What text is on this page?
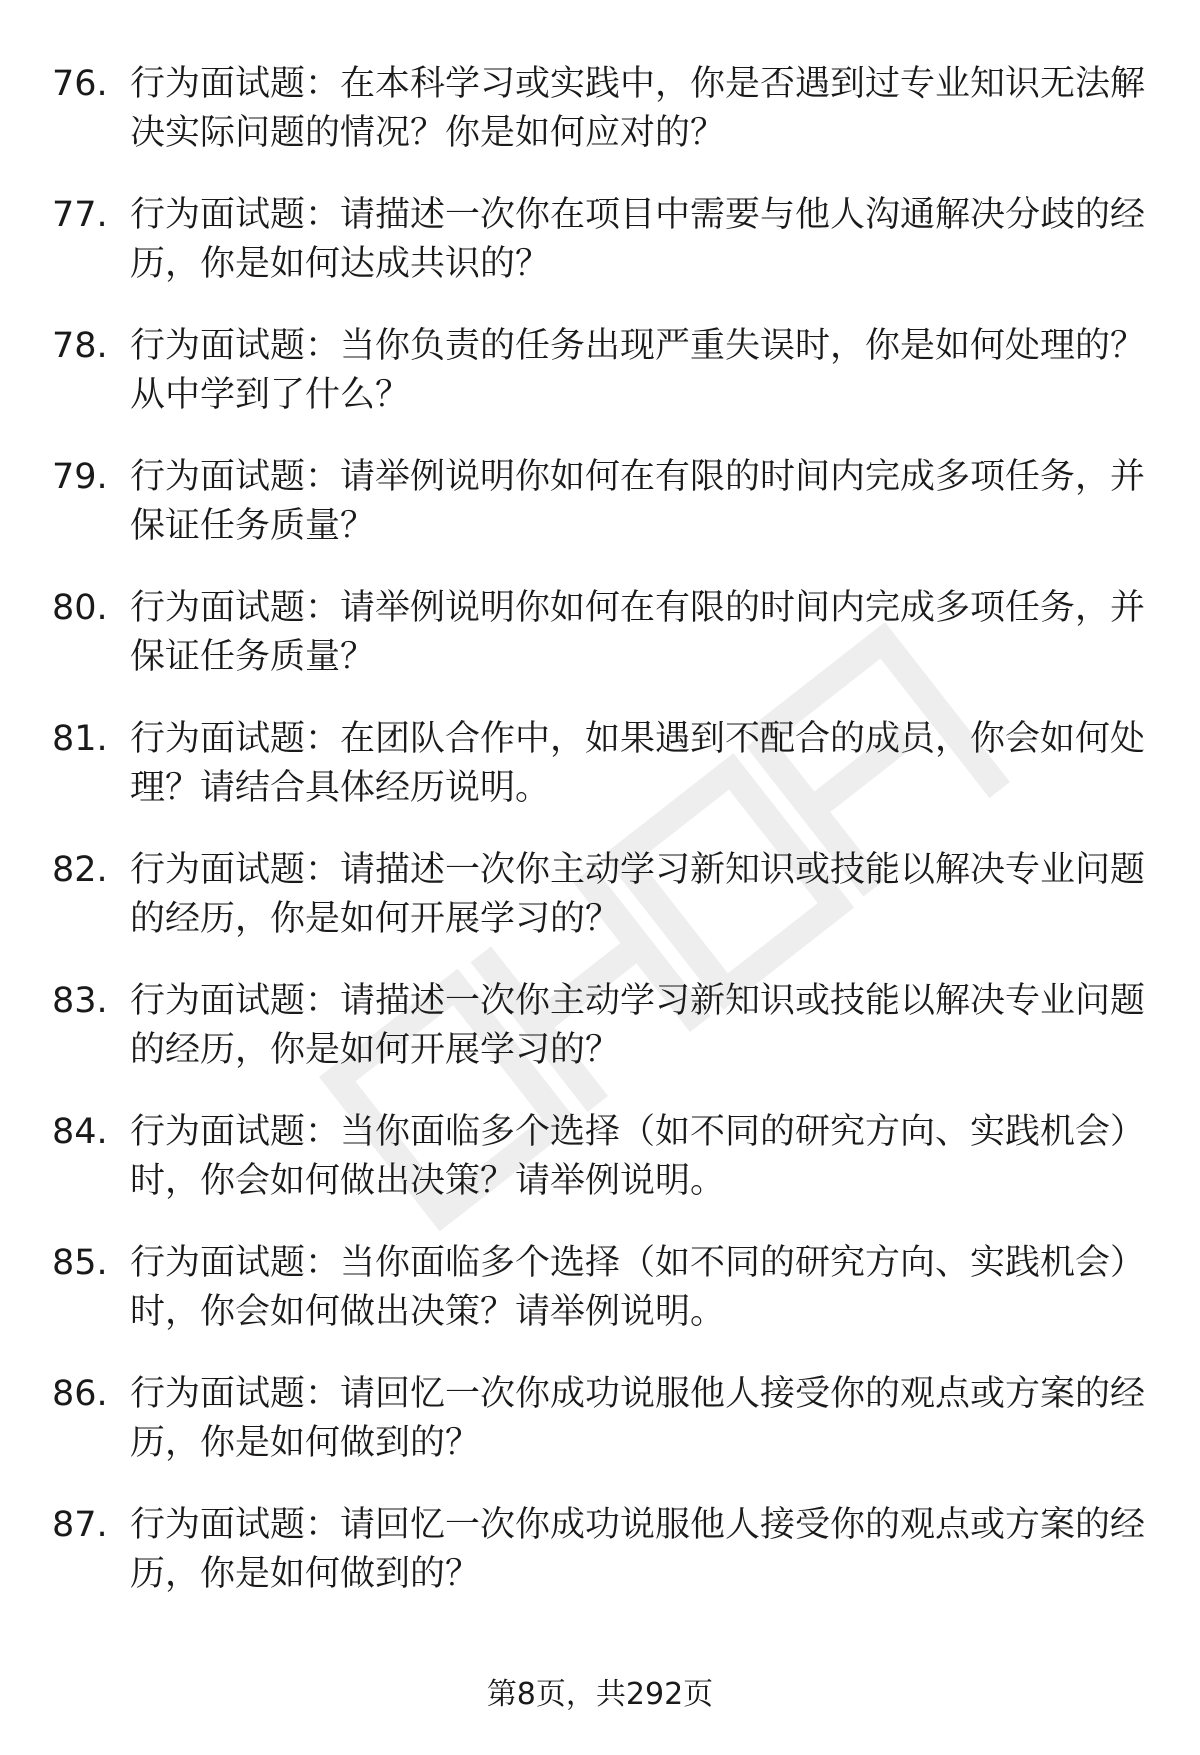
76. 行为面试题：在本科学习或实践中，你是否遇到过专业知识无法解决实际问题的情况？你是如何应对的？
77. 行为面试题：请描述一次你在项目中需要与他人沟通解决分歧的经历，你是如何达成共识的？
78. 行为面试题：当你负责的任务出现严重失误时，你是如何处理的？从中学到了什么？
79. 行为面试题：请举例说明你如何在有限的时间内完成多项任务，并保证任务质量？
80. 行为面试题：请举例说明你如何在有限的时间内完成多项任务，并保证任务质量？
81. 行为面试题：在团队合作中，如果遇到不配合的成员，你会如何处理？请结合具体经历说明。
82. 行为面试题：请描述一次你主动学习新知识或技能以解决专业问题的经历，你是如何开展学习的？
83. 行为面试题：请描述一次你主动学习新知识或技能以解决专业问题的经历，你是如何开展学习的？
84. 行为面试题：当你面临多个选择（如不同的研究方向、实践机会）时，你会如何做出决策？请举例说明。
85. 行为面试题：当你面临多个选择（如不同的研究方向、实践机会）时，你会如何做出决策？请举例说明。
86. 行为面试题：请回忆一次你成功说服他人接受你的观点或方案的经历，你是如何做到的？
87. 行为面试题：请回忆一次你成功说服他人接受你的观点或方案的经历，你是如何做到的？
第8页，共292页
